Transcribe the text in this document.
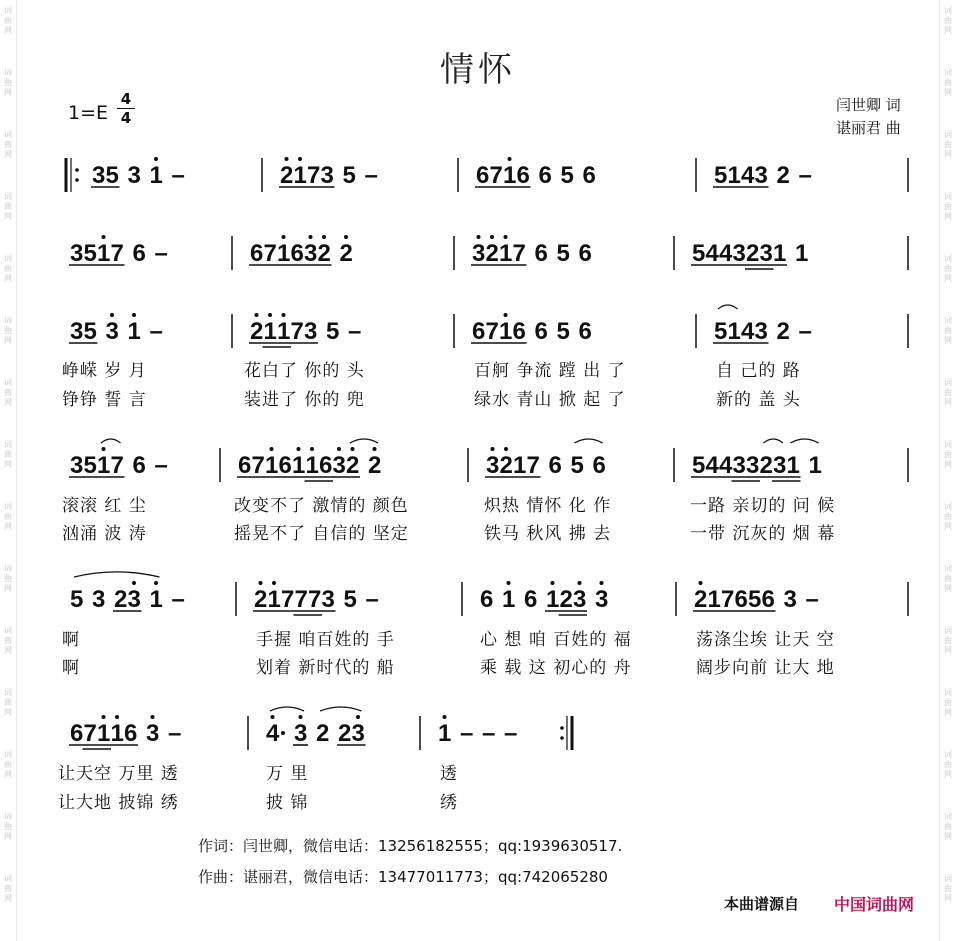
词
曲
网
词
曲
网
词
曲
网
词
曲
网
词
曲
网
词
曲
网
词
曲
网
词
曲
网
词
曲
网
词
曲
网
词
曲
网
词
曲
网
词
曲
网
词
曲
网
词
曲
网
词
曲
网
词
曲
网
词
曲
网
词
曲
网
词
曲
网
词
曲
网
词
曲
网
词
曲
网
词
曲
网
词
曲
网
词
曲
网
词
曲
网
词
曲
网
词
曲
网
词
曲
网
情怀
1=E
4
4
闫世卿 词
谌丽君 曲
3 5 3 1 –	2 1 7 3 5 –	6 7 1 6 6 5 6	5 1 4 3 2 –
3 5 1 7 6 –	6 7 1 6 3 2 2	3 2 1 7 6 5 6	5 4 4 3 2 3 1 1
3 5 3 1 –	2 1 1 7 3 5 –	6 7 1 6 6 5 6	5 1 4 3 2 –
3 5 1 7 6 –	6 7 1 6 1 1 6 3 2 2	3 2 1 7 6 5 6	5 4 4 3 3 2 3 1 1
5 3 2 3 1 –	2 1 7 7 7 3 5 –	6 1 6 1 2 3 3	2 1 7 6 5 6 3 –
6 7 1 1 6 3 –	4 3 2 2 3	1 – – –
峥嵘 岁 月	花白了 你的 头	百舸 争流 蹚 出 了	自 己的 路
铮铮 誓 言	装进了 你的 兜	绿水 青山 掀 起 了	新的 盖 头
滚滚 红 尘	改变不了 激情的 颜色	炽热 情怀 化 作	一路 亲切的 问 候
汹涌 波 涛	摇晃不了 自信的 坚定	铁马 秋风 拂 去	一带 沉灰的 烟 幕
啊	手握 咱百姓的 手	心 想 咱 百姓的 福	荡涤尘埃 让天 空
啊	划着 新时代的 船	乘 载 这 初心的 舟	阔步向前 让大 地
让天空 万里 透	万 里	透
让大地 披锦 绣	披 锦	绣
作词：闫世卿，微信电话：13256182555；qq:1939630517.
作曲：谌丽君，微信电话：13477011773；qq:742065280
本曲谱源自 中国词曲网
